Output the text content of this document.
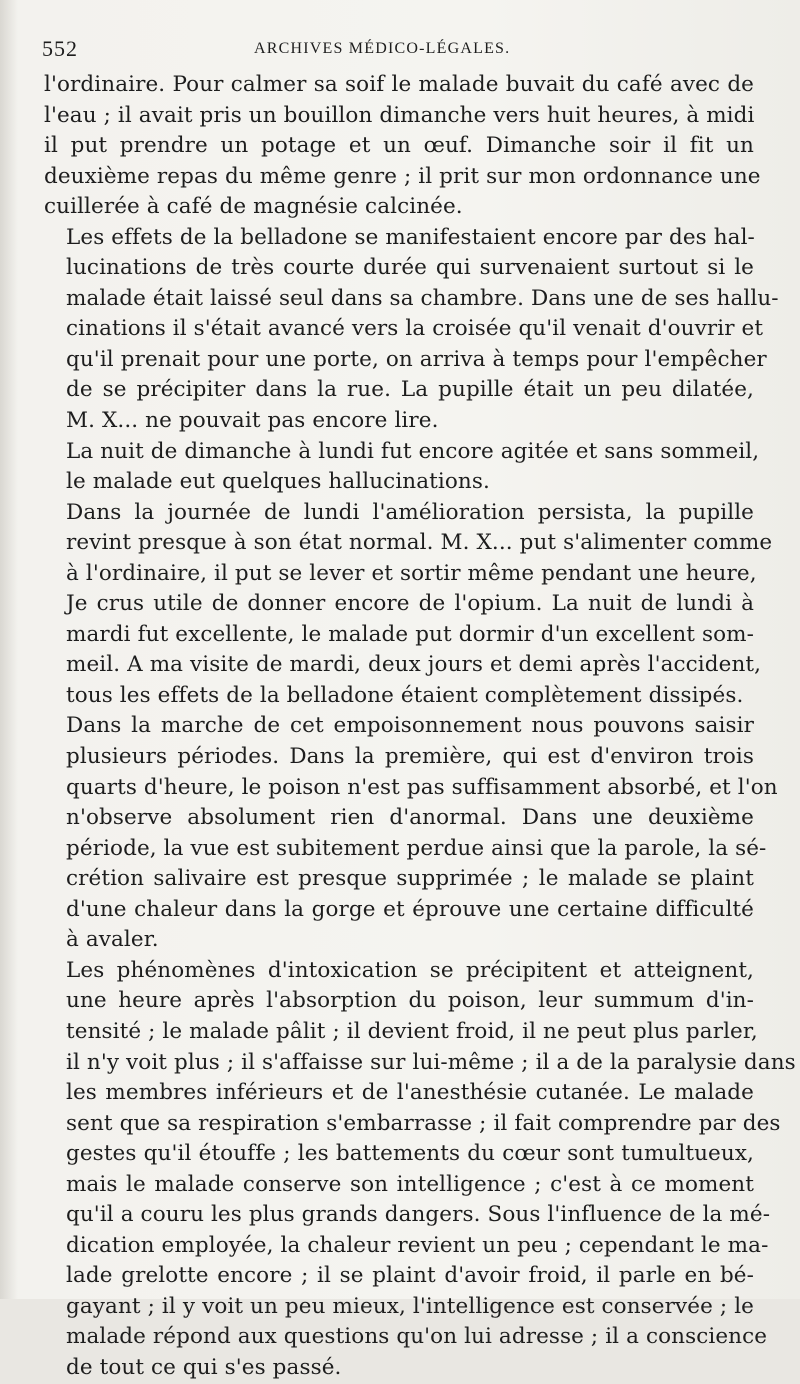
552	ARCHIVES MÉDICO-LÉGALES.

l'ordinaire. Pour calmer sa soif le malade buvait du café avec de
l'eau ; il avait pris un bouillon dimanche vers huit heures, à midi
il put prendre un potage et un œuf. Dimanche soir il fit un
deuxième repas du même genre ; il prit sur mon ordonnance une
cuillerée à café de magnésie calcinée.

Les effets de la belladone se manifestaient encore par des hal-
lucinations de très courte durée qui survenaient surtout si le
malade était laissé seul dans sa chambre. Dans une de ses hallu-
cinations il s'était avancé vers la croisée qu'il venait d'ouvrir et
qu'il prenait pour une porte, on arriva à temps pour l'empêcher
de se précipiter dans la rue. La pupille était un peu dilatée,
M. X... ne pouvait pas encore lire.

La nuit de dimanche à lundi fut encore agitée et sans sommeil,
le malade eut quelques hallucinations.

Dans la journée de lundi l'amélioration persista, la pupille
revint presque à son état normal. M. X... put s'alimenter comme
à l'ordinaire, il put se lever et sortir même pendant une heure,
Je crus utile de donner encore de l'opium. La nuit de lundi à
mardi fut excellente, le malade put dormir d'un excellent som-
meil. A ma visite de mardi, deux jours et demi après l'accident,
tous les effets de la belladone étaient complètement dissipés.

Dans la marche de cet empoisonnement nous pouvons saisir
plusieurs périodes. Dans la première, qui est d'environ trois
quarts d'heure, le poison n'est pas suffisamment absorbé, et l'on
n'observe absolument rien d'anormal. Dans une deuxième
période, la vue est subitement perdue ainsi que la parole, la sé-
crétion salivaire est presque supprimée ; le malade se plaint
d'une chaleur dans la gorge et éprouve une certaine difficulté
à avaler.

Les phénomènes d'intoxication se précipitent et atteignent,
une heure après l'absorption du poison, leur summum d'in-
tensité ; le malade pâlit ; il devient froid, il ne peut plus parler,
il n'y voit plus ; il s'affaisse sur lui-même ; il a de la paralysie dans
les membres inférieurs et de l'anesthésie cutanée. Le malade
sent que sa respiration s'embarrasse ; il fait comprendre par des
gestes qu'il étouffe ; les battements du cœur sont tumultueux,
mais le malade conserve son intelligence ; c'est à ce moment
qu'il a couru les plus grands dangers. Sous l'influence de la mé-
dication employée, la chaleur revient un peu ; cependant le ma-
lade grelotte encore ; il se plaint d'avoir froid, il parle en bé-
gayant ; il y voit un peu mieux, l'intelligence est conservée ; le
malade répond aux questions qu'on lui adresse ; il a conscience
de tout ce qui s'es passé.
